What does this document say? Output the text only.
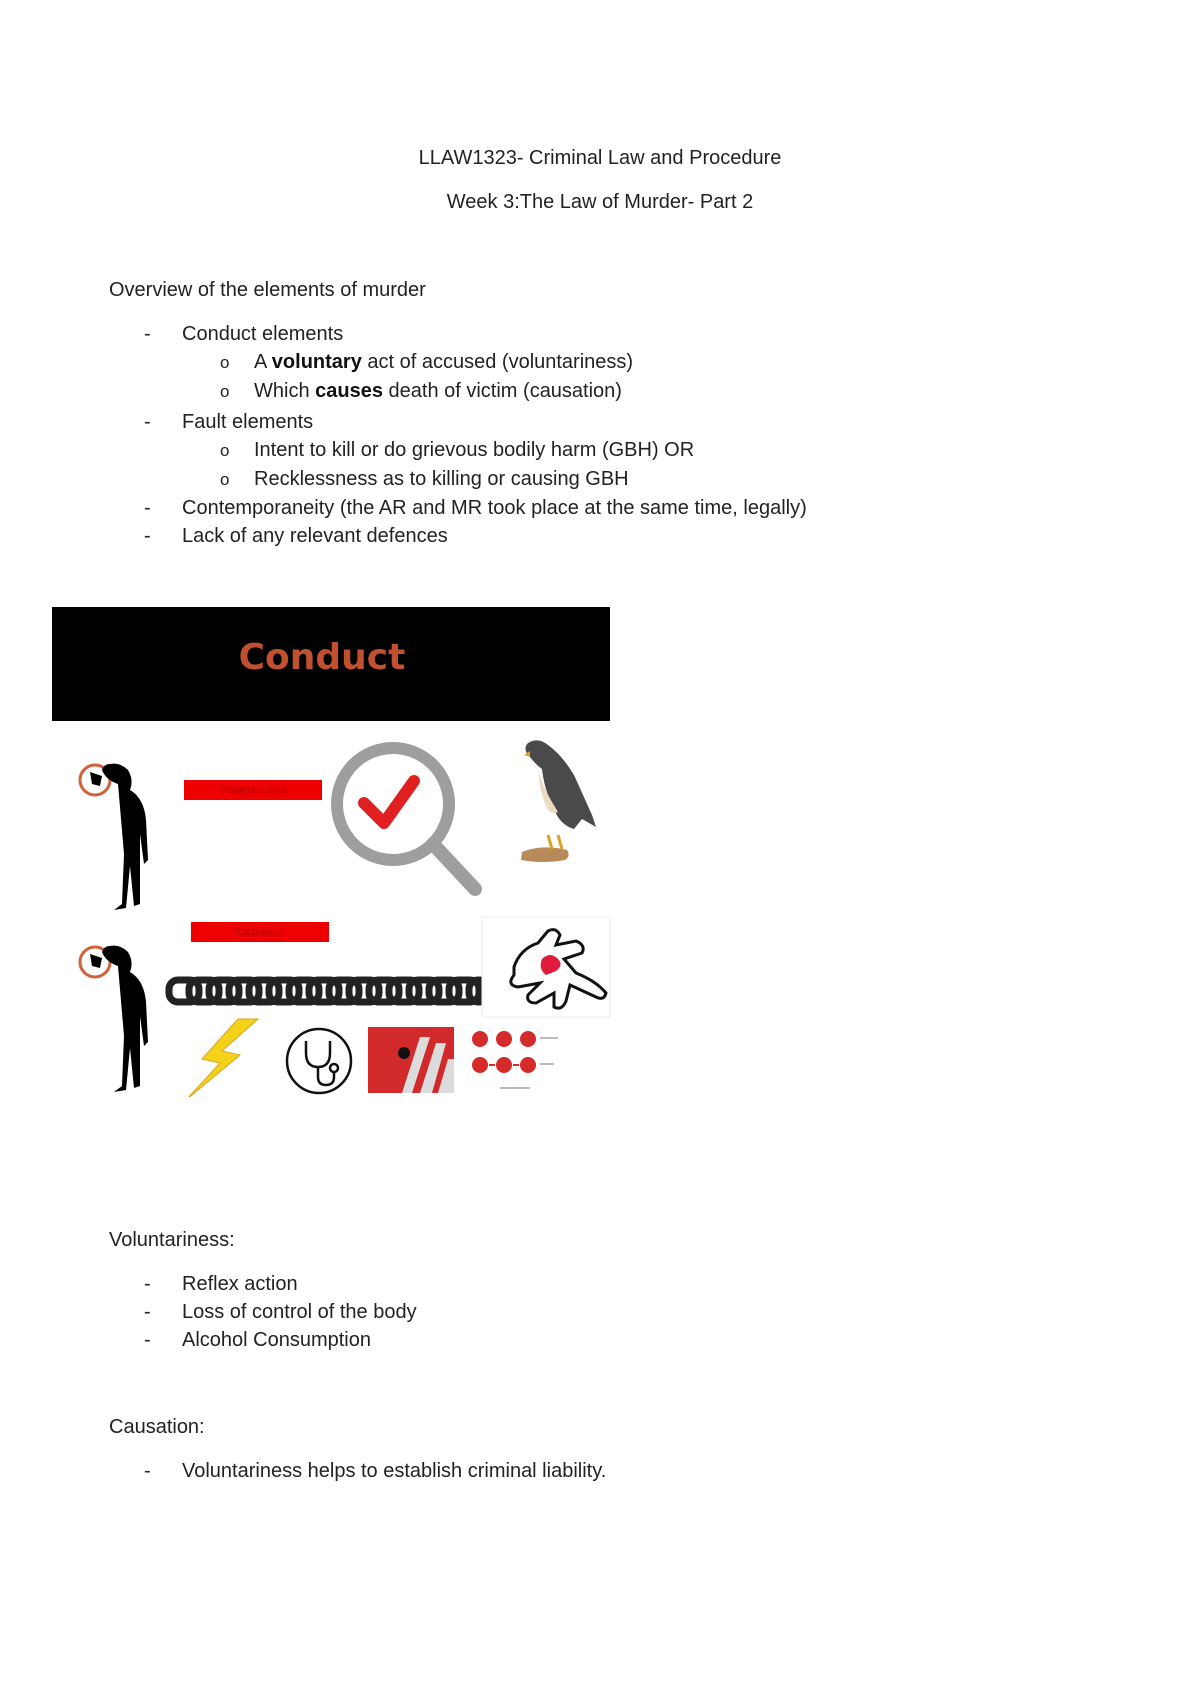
LLAW1323- Criminal Law and Procedure
Week 3:The Law of Murder- Part 2
Overview of the elements of murder
- Conduct elements
o A voluntary act of accused (voluntariness)
o Which causes death of victim (causation)
- Fault elements
o Intent to kill or do grievous bodily harm (GBH) OR
o Recklessness as to killing or causing GBH
- Contemporaneity (the AR and MR took place at the same time, legally)
- Lack of any relevant defences
Conduct
Voluntariness
Causation
Voluntariness:
- Reflex action
- Loss of control of the body
- Alcohol Consumption
Causation:
- Voluntariness helps to establish criminal liability.
